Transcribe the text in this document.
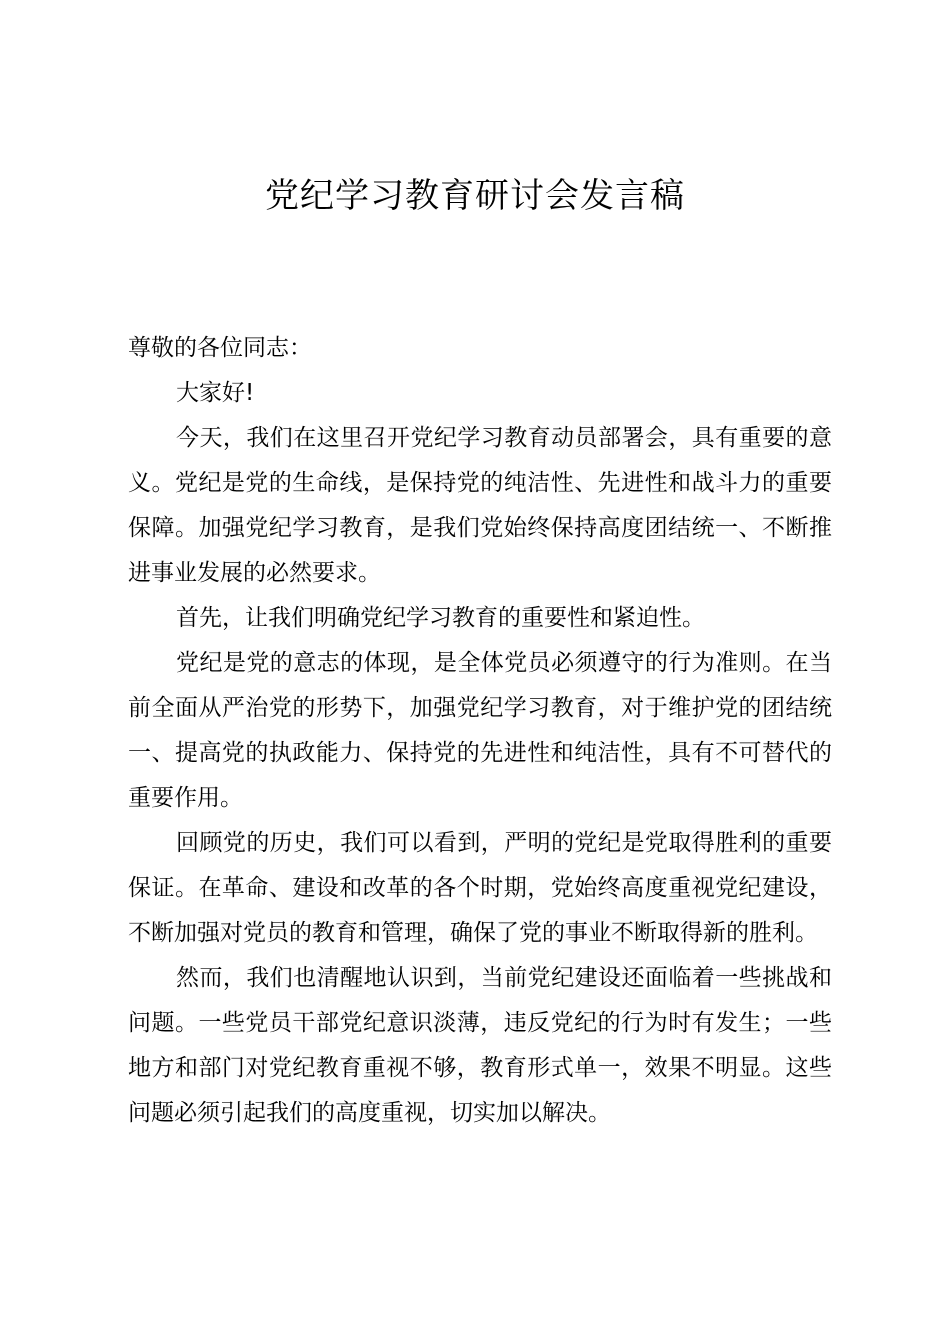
党纪学习教育研讨会发言稿

尊敬的各位同志：

大家好!

今天，我们在这里召开党纪学习教育动员部署会，具有重要的意义。党纪是党的生命线，是保持党的纯洁性、先进性和战斗力的重要保障。加强党纪学习教育，是我们党始终保持高度团结统一、不断推进事业发展的必然要求。

首先，让我们明确党纪学习教育的重要性和紧迫性。

党纪是党的意志的体现，是全体党员必须遵守的行为准则。在当前全面从严治党的形势下，加强党纪学习教育，对于维护党的团结统一、提高党的执政能力、保持党的先进性和纯洁性，具有不可替代的重要作用。

回顾党的历史，我们可以看到，严明的党纪是党取得胜利的重要保证。在革命、建设和改革的各个时期，党始终高度重视党纪建设，不断加强对党员的教育和管理，确保了党的事业不断取得新的胜利。

然而，我们也清醒地认识到，当前党纪建设还面临着一些挑战和问题。一些党员干部党纪意识淡薄，违反党纪的行为时有发生；一些地方和部门对党纪教育重视不够，教育形式单一，效果不明显。这些问题必须引起我们的高度重视，切实加以解决。
